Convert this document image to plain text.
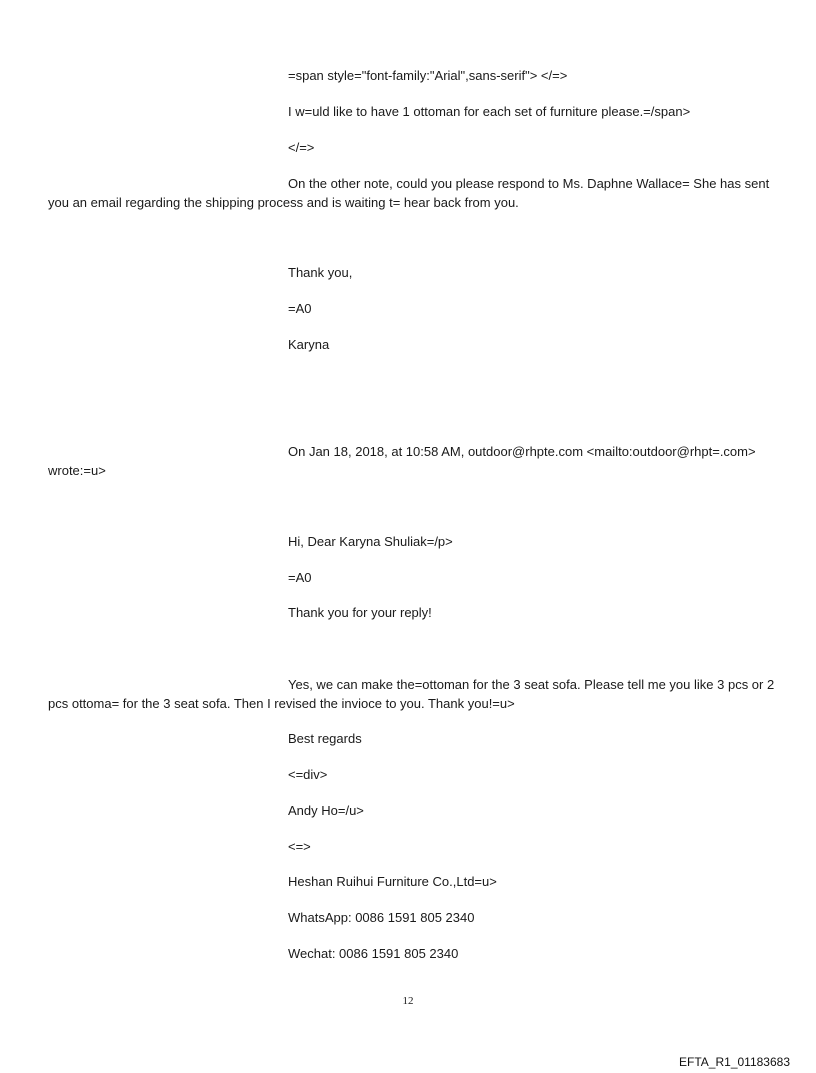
=span style="font-family:"Arial",sans-serif"> </=>
I w=uld like to have 1 ottoman for each set of furniture please.=/span>
</=>
On the other note, could you please respond to Ms. Daphne Wallace= She has sent you an email regarding the shipping process and is waiting t= hear back from you.
Thank you,
=A0
Karyna
On Jan 18, 2018, at 10:58 AM, outdoor@rhpte.com <mailto:outdoor@rhpt=.com> wrote:=u>
Hi, Dear Karyna Shuliak=/p>
=A0
Thank you for your reply!
Yes, we can make the=ottoman for the 3 seat sofa. Please tell me you like 3 pcs or 2 pcs ottoma= for the 3 seat sofa. Then I revised the invioce to you. Thank you!=u>
Best regards
<=div>
Andy Ho=/u>
<=>
Heshan Ruihui Furniture Co.,Ltd=u>
WhatsApp: 0086 1591 805 2340
Wechat: 0086 1591 805 2340
12
EFTA_R1_01183683
